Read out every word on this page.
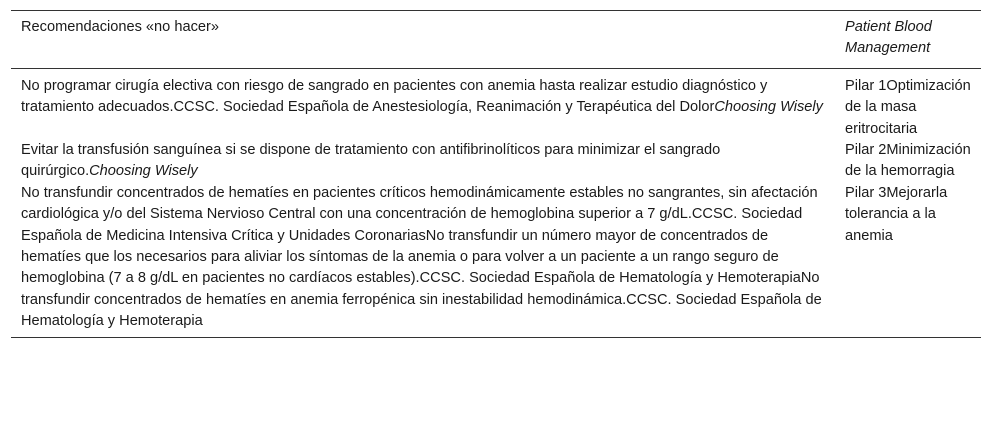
Recomendaciones «no hacer»	Patient Blood Management
No programar cirugía electiva con riesgo de sangrado en pacientes con anemia hasta realizar estudio diagnóstico y tratamiento adecuados.CCSC. Sociedad Española de Anestesiología, Reanimación y Terapéutica del DolorChoosing Wisely	Pilar 1Optimización de la masa eritrocitaria
Evitar la transfusión sanguínea si se dispone de tratamiento con antifibrinolíticos para minimizar el sangrado quirúrgico.Choosing Wisely	Pilar 2Minimización de la hemorragia
No transfundir concentrados de hematíes en pacientes críticos hemodinámicamente estables no sangrantes, sin afectación cardiológica y/o del Sistema Nervioso Central con una concentración de hemoglobina superior a 7 g/dL.CCSC. Sociedad Española de Medicina Intensiva Crítica y Unidades CoronariasNo transfundir un número mayor de concentrados de hematíes que los necesarios para aliviar los síntomas de la anemia o para volver a un paciente a un rango seguro de hemoglobina (7 a 8 g/dL en pacientes no cardíacos estables).CCSC. Sociedad Española de Hematología y HemoterapiaNo transfundir concentrados de hematíes en anemia ferropénica sin inestabilidad hemodinámica.CCSC. Sociedad Española de Hematología y Hemoterapia	Pilar 3Mejorarla tolerancia a la anemia
